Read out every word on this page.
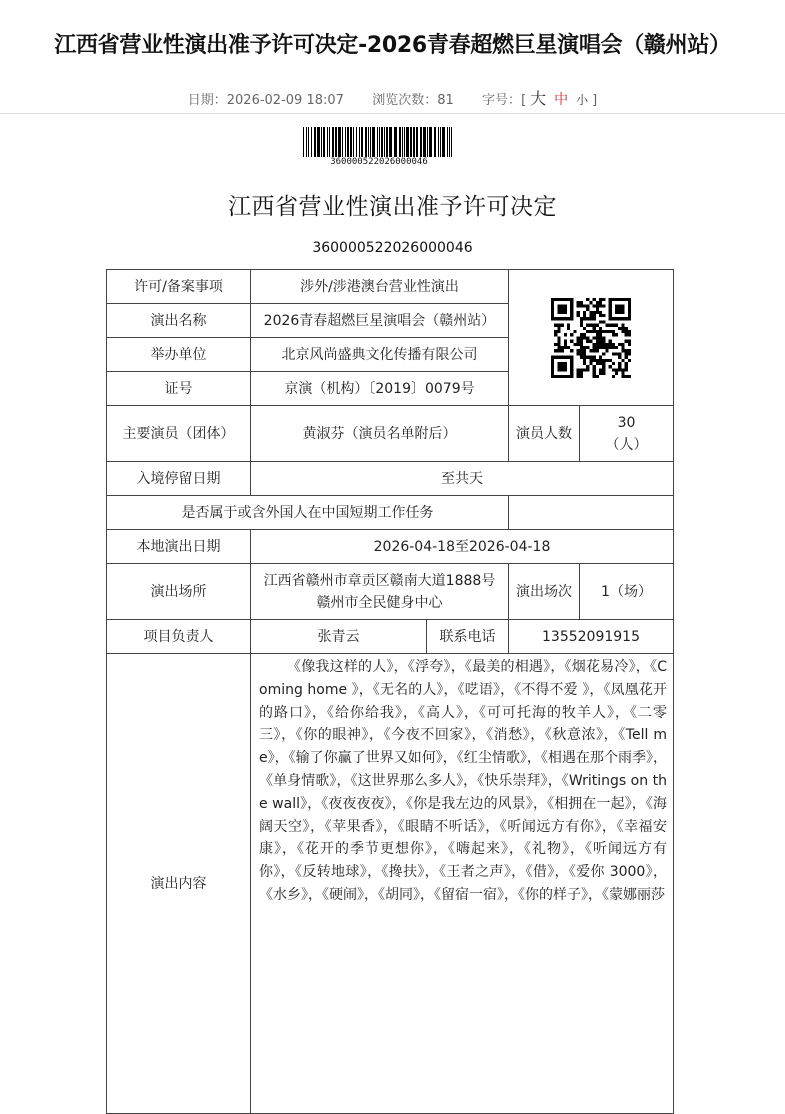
江西省营业性演出准予许可决定-2026青春超燃巨星演唱会（赣州站）
日期：2026-02-09 18:07 浏览次数：81 字号：[ 大 中 小 ]
360000522026000046
江西省营业性演出准予许可决定
360000522026000046
许可/备案事项	涉外/涉港澳台营业性演出	

演出名称	2026青春超燃巨星演唱会（赣州站）			
举办单位	北京风尚盛典文化传播有限公司			
证号	京演（机构）〔2019〕0079号			
主要演员（团体）	黄淑芬（演员名单附后）		演员人数	30（人）
入境停留日期	至共天			
是否属于或含外国人在中国短期工作任务				
本地演出日期	2026-04-18至2026-04-18			
演出场所	江西省赣州市章贡区赣南大道1888号赣州市全民健身中心		演出场次	1（场）
项目负责人	张青云	联系电话	13552091915	
演出内容	《像我这样的人》，《浮夸》，《最美的相遇》，《烟花易冷》，《Coming home 》，《无名的人》，《呓语》，《不得不爱 》，《凤凰花开的路口》，《给你给我》，《高人》，《可可托海的牧羊人》，《二零三》，《你的眼神》，《今夜不回家》，《消愁》，《秋意浓》，《Tell me》，《输了你赢了世界又如何》，《红尘情歌》，《相遇在那个雨季》，《单身情歌》，《这世界那么多人》，《快乐崇拜》，《Writings on the wall》，《夜夜夜夜》，《你是我左边的风景》，《相拥在一起》，《海阔天空》，《苹果香》，《眼睛不听话》，《听闻远方有你》，《幸福安康》，《花开的季节更想你》，《嗨起来》，《礼物》，《听闻远方有你》，《反转地球》，《搀扶》，《王者之声》，《借》，《爱你 3000》，《水乡》，《硬闹》，《胡同》，《留宿一宿》，《你的样子》，《蒙娜丽莎			
